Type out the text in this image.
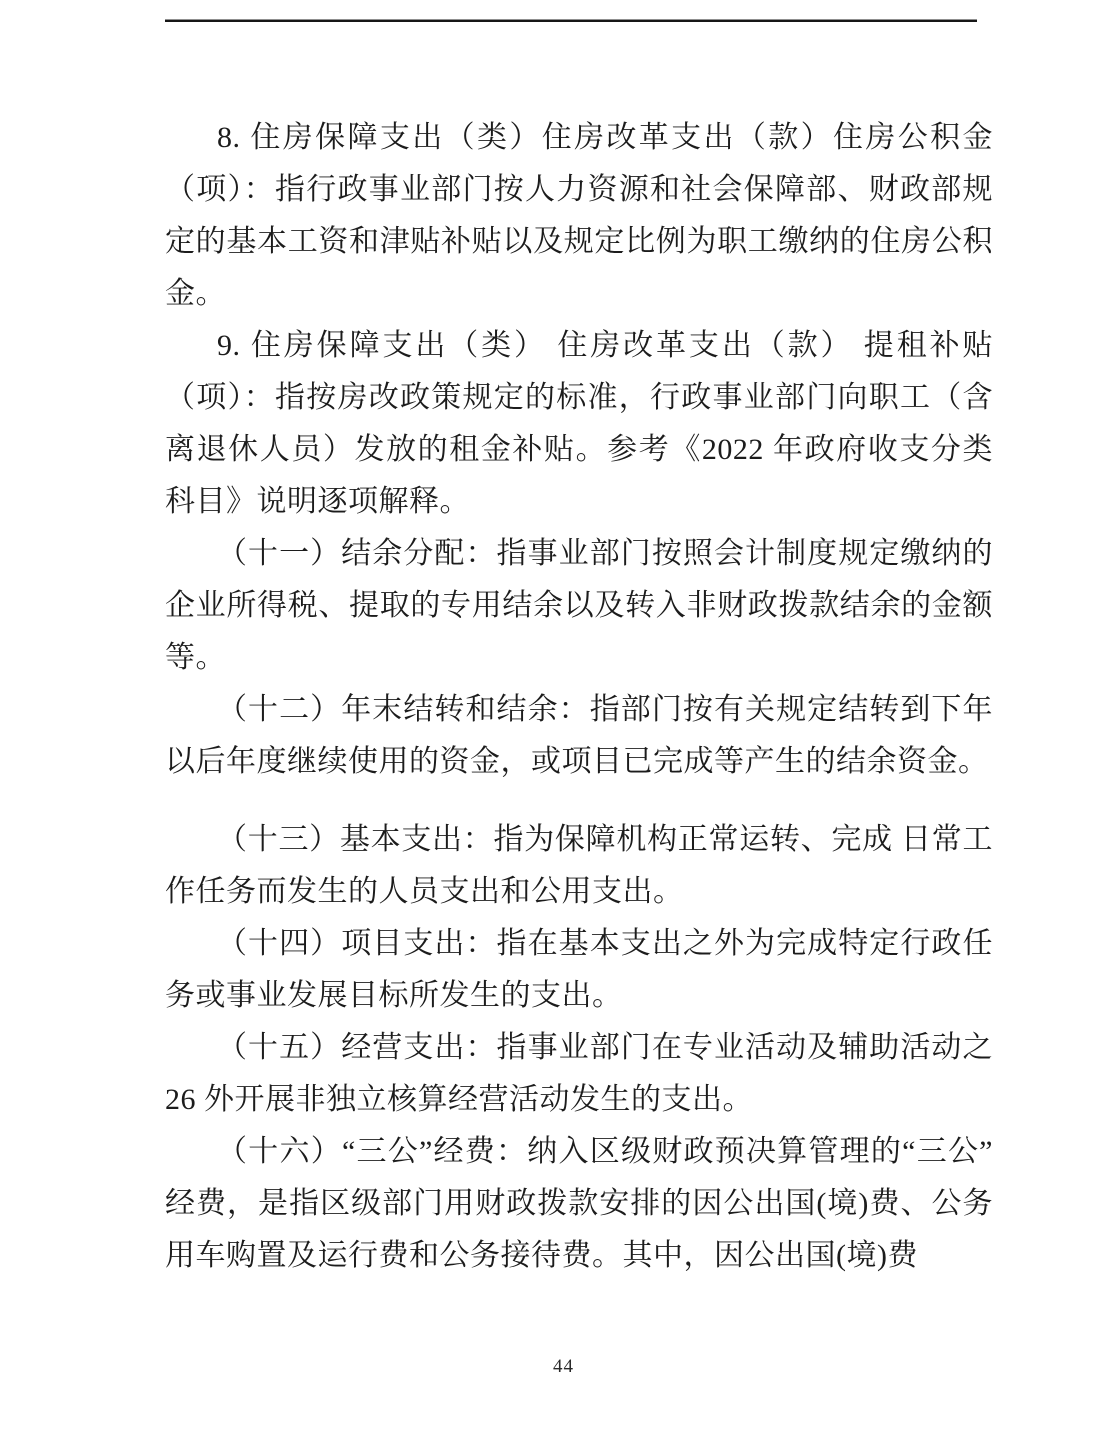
8. 住房保障支出（类）住房改革支出（款）住房公积金（项）：指行政事业部门按人力资源和社会保障部、财政部规定的基本工资和津贴补贴以及规定比例为职工缴纳的住房公积金。

9. 住房保障支出（类） 住房改革支出（款） 提租补贴 （项）：指按房改政策规定的标准，行政事业部门向职工（含离退休人员）发放的租金补贴。参考《2022 年政府收支分类科目》说明逐项解释。

（十一）结余分配：指事业部门按照会计制度规定缴纳的企业所得税、提取的专用结余以及转入非财政拨款结余的金额等。

（十二）年末结转和结余：指部门按有关规定结转到下年以后年度继续使用的资金，或项目已完成等产生的结余资金。

（十三）基本支出：指为保障机构正常运转、完成 日常工 作任务而发生的人员支出和公用支出。

（十四）项目支出：指在基本支出之外为完成特定行政任 务或事业发展目标所发生的支出。

（十五）经营支出：指事业部门在专业活动及辅助活动之 26 外开展非独立核算经营活动发生的支出。

（十六）“三公”经费：纳入区级财政预决算管理的“三公”经费，是指区级部门用财政拨款安排的因公出国(境)费、公务用车购置及运行费和公务接待费。其中，因公出国(境)费

44
